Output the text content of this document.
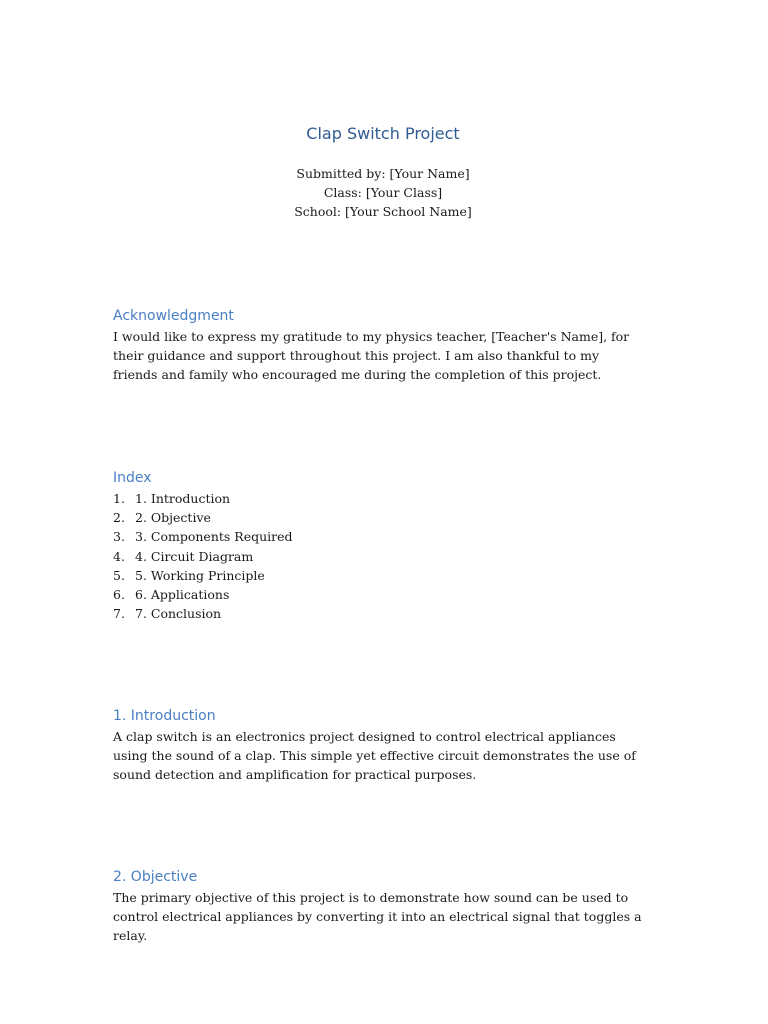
Clap Switch Project
Submitted by: [Your Name]
Class: [Your Class]
School: [Your School Name]
Acknowledgment

I would like to express my gratitude to my physics teacher, [Teacher's Name], for their guidance and support throughout this project. I am also thankful to my friends and family who encouraged me during the completion of this project.

Index
1. 1. Introduction
2. 2. Objective
3. 3. Components Required
4. 4. Circuit Diagram
5. 5. Working Principle
6. 6. Applications
7. 7. Conclusion
1. Introduction

A clap switch is an electronics project designed to control electrical appliances using the sound of a clap. This simple yet effective circuit demonstrates the use of sound detection and amplification for practical purposes.

2. Objective

The primary objective of this project is to demonstrate how sound can be used to control electrical appliances by converting it into an electrical signal that toggles a relay.
